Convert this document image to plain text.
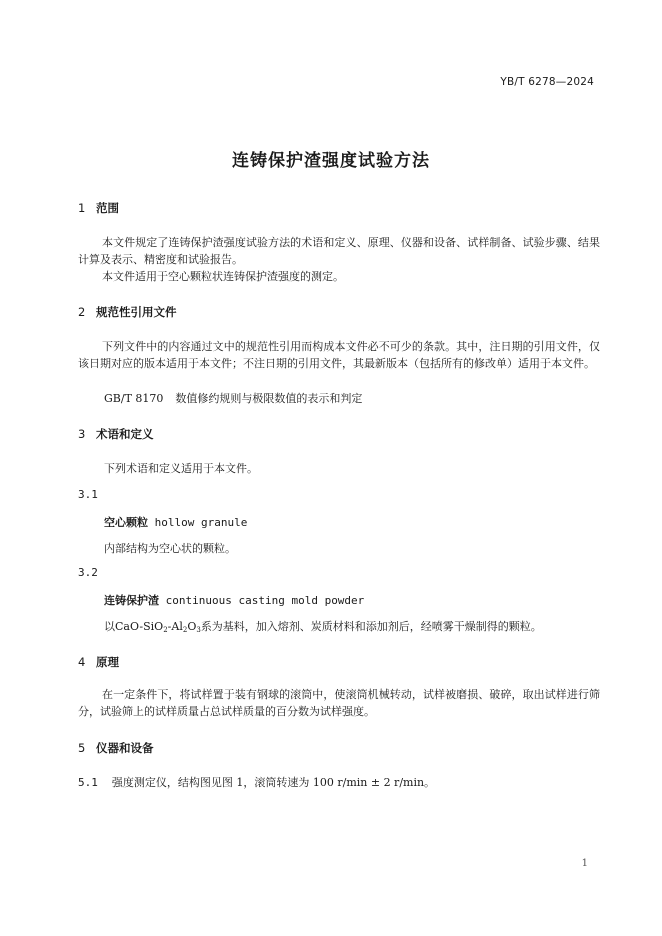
YB/T 6278—2024
连铸保护渣强度试验方法
1 范围
本文件规定了连铸保护渣强度试验方法的术语和定义、原理、仪器和设备、试样制备、试验步骤、结果计算及表示、精密度和试验报告。
本文件适用于空心颗粒状连铸保护渣强度的测定。
2 规范性引用文件
下列文件中的内容通过文中的规范性引用而构成本文件必不可少的条款。其中，注日期的引用文件，仅该日期对应的版本适用于本文件；不注日期的引用文件，其最新版本（包括所有的修改单）适用于本文件。
GB/T 8170 数值修约规则与极限数值的表示和判定
3 术语和定义
下列术语和定义适用于本文件。
3.1
空心颗粒 hollow granule
内部结构为空心状的颗粒。
3.2
连铸保护渣 continuous casting mold powder
以CaO-$SiO_2-Al_2O_3$系为基料，加入熔剂、炭质材料和添加剂后，经喷雾干燥制得的颗粒。
4 原理
在一定条件下，将试样置于装有钢球的滚筒中，使滚筒机械转动，试样被磨损、破碎，取出试样进行筛分，试验筛上的试样质量占总试样质量的百分数为试样强度。
5 仪器和设备
5.1 强度测定仪，结构图见图 1，滚筒转速为 100 r/min ± 2 r/min。
1
